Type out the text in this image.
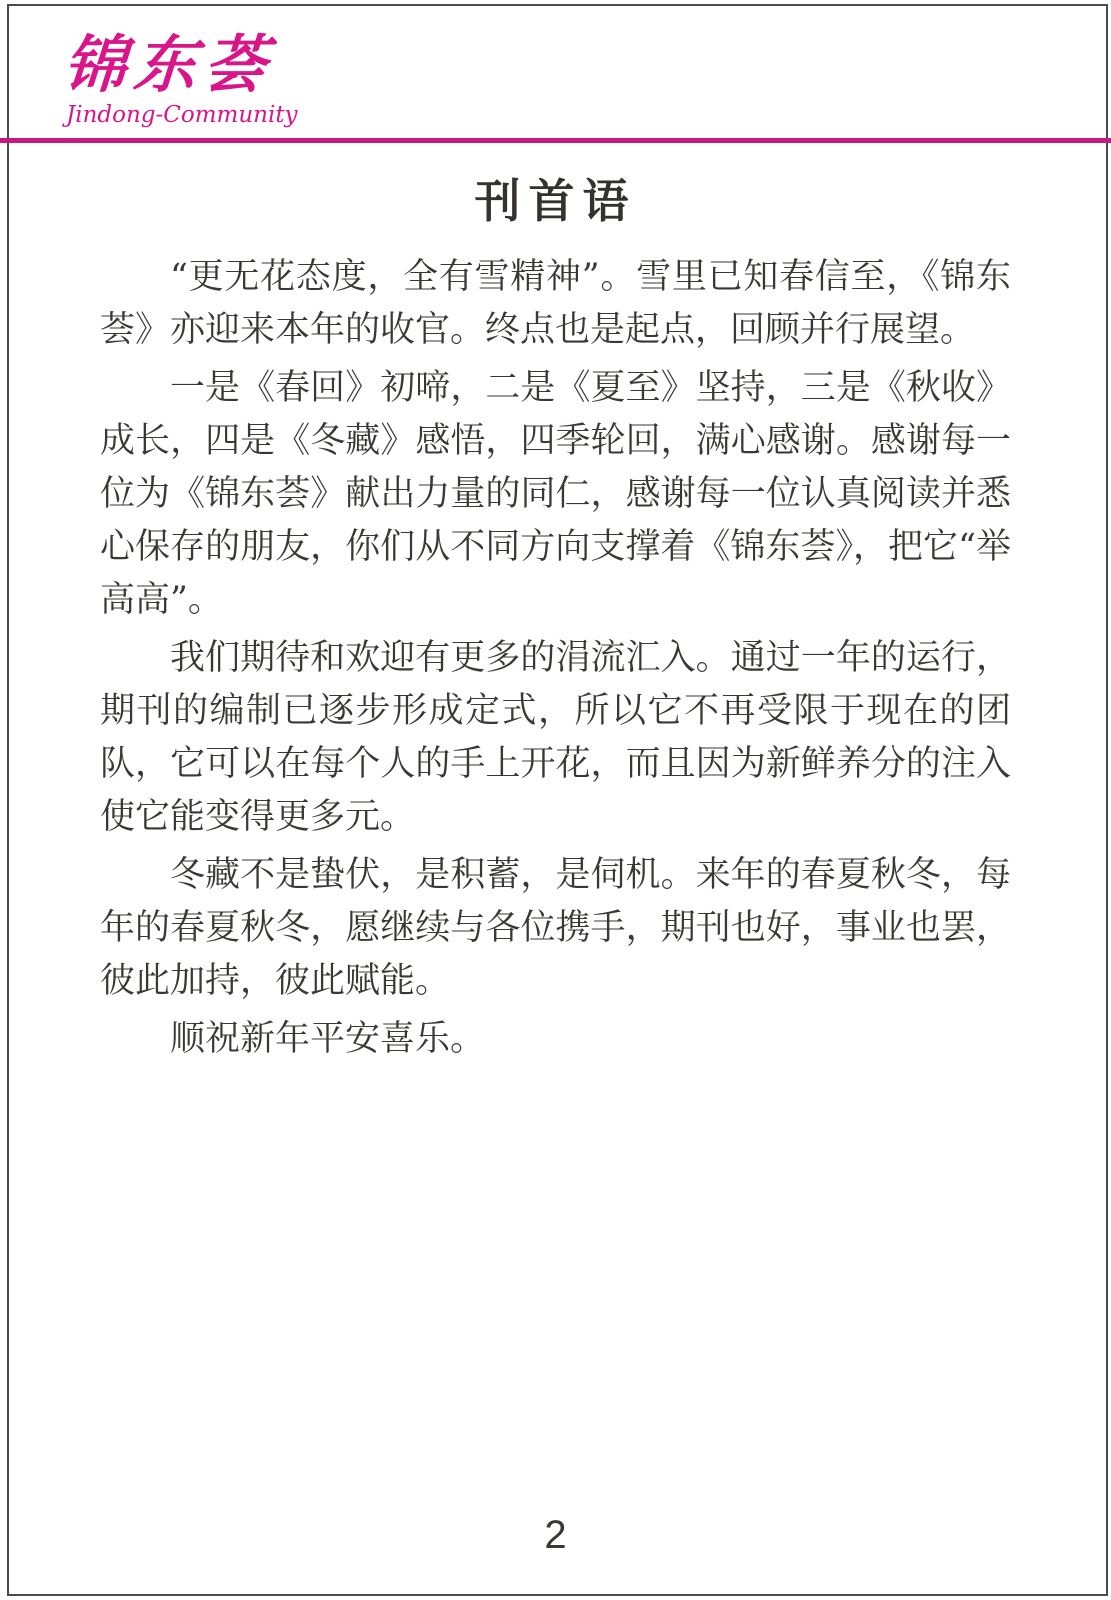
锦东荟
Jindong-Community
刊首语

“更无花态度，全有雪精神”。雪里已知春信至，《锦东荟》亦迎来本年的收官。终点也是起点，回顾并行展望。

一是《春回》初啼，二是《夏至》坚持，三是《秋收》成长，四是《冬藏》感悟，四季轮回，满心感谢。感谢每一位为《锦东荟》献出力量的同仁，感谢每一位认真阅读并悉心保存的朋友，你们从不同方向支撑着《锦东荟》，把它“举高高”。

我们期待和欢迎有更多的涓流汇入。通过一年的运行，期刊的编制已逐步形成定式，所以它不再受限于现在的团队，它可以在每个人的手上开花，而且因为新鲜养分的注入使它能变得更多元。

冬藏不是蛰伏，是积蓄，是伺机。来年的春夏秋冬，每年的春夏秋冬，愿继续与各位携手，期刊也好，事业也罢，彼此加持，彼此赋能。

顺祝新年平安喜乐。

2
